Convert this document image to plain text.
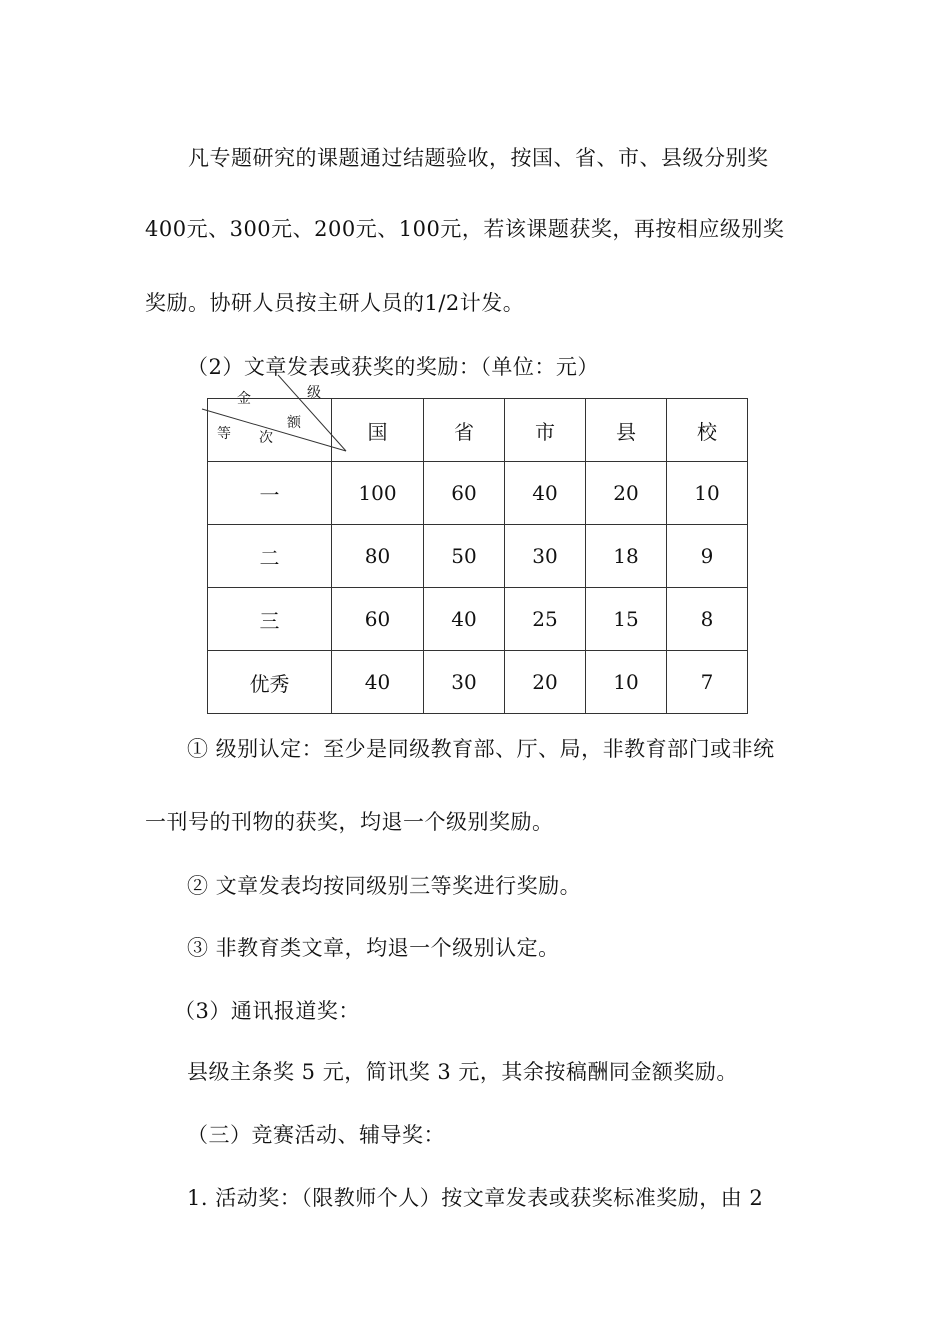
凡专题研究的课题通过结题验收，按国、省、市、县级分别奖
400元、300元、200元、100元，若该课题获奖，再按相应级别奖
奖励。协研人员按主研人员的1/2计发。
（2）文章发表或获奖的奖励：（单位：元）
级
金
额
等 次	国	省	市	县	校
一	100	60	40	20	10
二	80	50	30	18	9
三	60	40	25	15	8
优秀	40	30	20	10	7
① 级别认定：至少是同级教育部、厅、局，非教育部门或非统
一刊号的刊物的获奖，均退一个级别奖励。
② 文章发表均按同级别三等奖进行奖励。
③ 非教育类文章，均退一个级别认定。
（3）通讯报道奖：
县级主条奖 5 元，简讯奖 3 元，其余按稿酬同金额奖励。
（三）竞赛活动、辅导奖：
1. 活动奖：（限教师个人）按文章发表或获奖标准奖励，由 2
